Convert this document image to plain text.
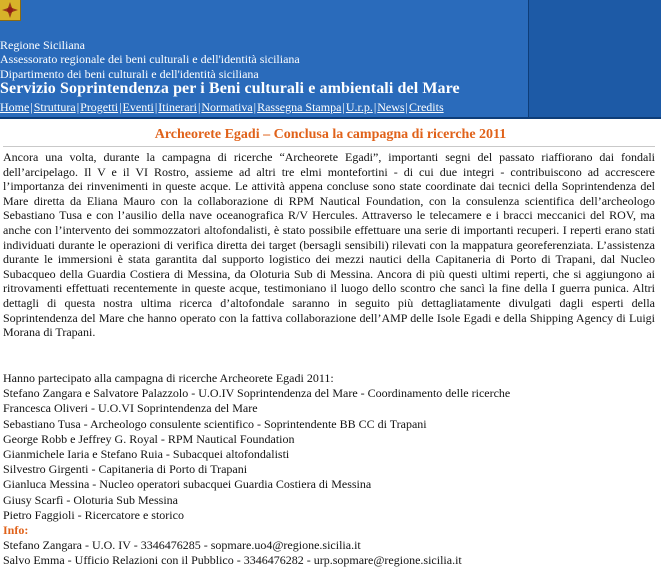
Regione Siciliana
Assessorato regionale dei beni culturali e dell'identità siciliana
Dipartimento dei beni culturali e dell'identità siciliana
Servizio Soprintendenza per i Beni culturali e ambientali del Mare
Home|Struttura|Progetti|Eventi|Itinerari|Normativa|Rassegna Stampa|U.r.p.|News|Credits
Archeorete Egadi – Conclusa la campagna di ricerche 2011

Ancora una volta, durante la campagna di ricerche “Archeorete Egadi”, importanti segni del passato riaffiorano dai fondali dell’arcipelago. Il V e il VI Rostro, assieme ad altri tre elmi montefortini - di cui due integri - contribuiscono ad accrescere l’importanza dei rinvenimenti in queste acque. Le attività appena concluse sono state coordinate dai tecnici della Soprintendenza del Mare diretta da Eliana Mauro con la collaborazione di RPM Nautical Foundation, con la consulenza scientifica dell’archeologo Sebastiano Tusa e con l’ausilio della nave oceanografica R/V Hercules. Attraverso le telecamere e i bracci meccanici del ROV, ma anche con l’intervento dei sommozzatori altofondalisti, è stato possibile effettuare una serie di importanti recuperi. I reperti erano stati individuati durante le operazioni di verifica diretta dei target (bersagli sensibili) rilevati con la mappatura georeferenziata. L’assistenza durante le immersioni è stata garantita dal supporto logistico dei mezzi nautici della Capitaneria di Porto di Trapani, dal Nucleo Subacqueo della Guardia Costiera di Messina, da Oloturia Sub di Messina. Ancora di più questi ultimi reperti, che si aggiungono ai ritrovamenti effettuati recentemente in queste acque, testimoniano il luogo dello scontro che sancì la fine della I guerra punica. Altri dettagli di questa nostra ultima ricerca d’altofondale saranno in seguito più dettagliatamente divulgati dagli esperti della Soprintendenza del Mare che hanno operato con la fattiva collaborazione dell’AMP delle Isole Egadi e della Shipping Agency di Luigi Morana di Trapani.

Hanno partecipato alla campagna di ricerche Archeorete Egadi 2011:
Stefano Zangara e Salvatore Palazzolo - U.O.IV Soprintendenza del Mare - Coordinamento delle ricerche
Francesca Oliveri - U.O.VI Soprintendenza del Mare
Sebastiano Tusa - Archeologo consulente scientifico - Soprintendente BB CC di Trapani
George Robb e Jeffrey G. Royal - RPM Nautical Foundation
Gianmichele Iaria e Stefano Ruia - Subacquei altofondalisti
Silvestro Girgenti - Capitaneria di Porto di Trapani
Gianluca Messina - Nucleo operatori subacquei Guardia Costiera di Messina
Giusy Scarfì - Oloturia Sub Messina
Pietro Faggioli - Ricercatore e storico
Info:
Stefano Zangara - U.O. IV - 3346476285 - sopmare.uo4@regione.sicilia.it
Salvo Emma - Ufficio Relazioni con il Pubblico - 3346476282 - urp.sopmare@regione.sicilia.it
